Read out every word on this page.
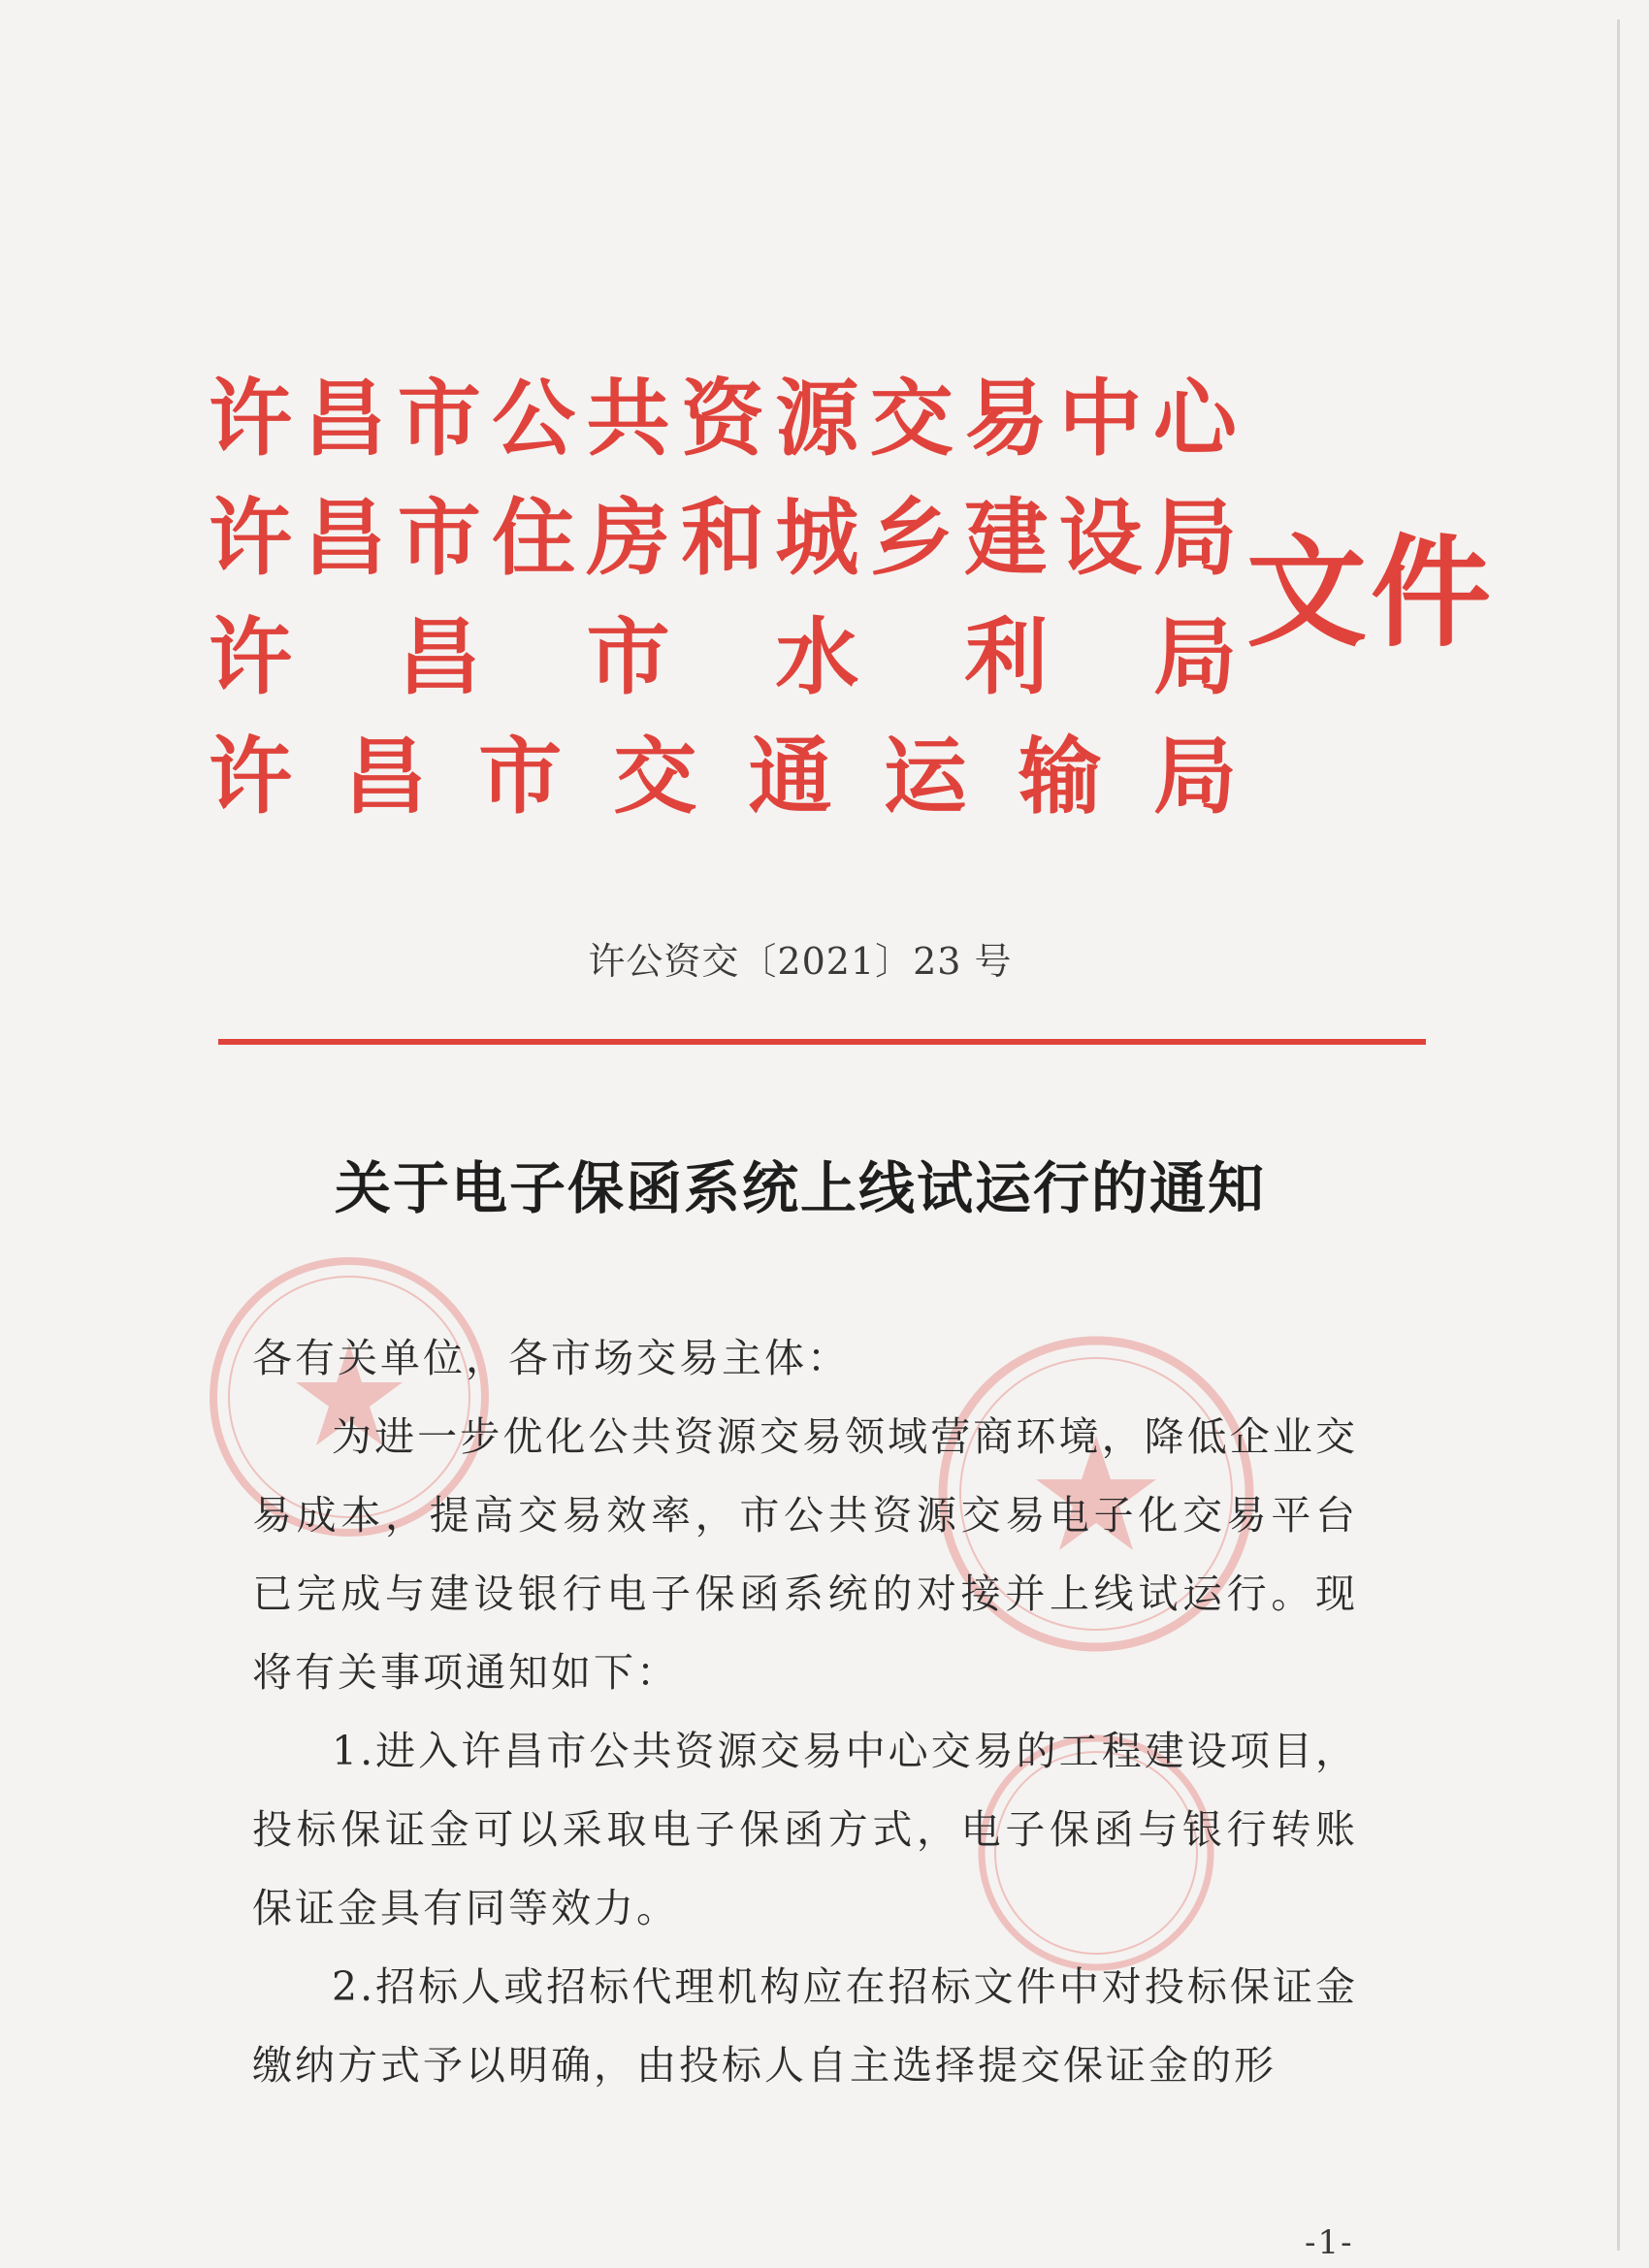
许 昌 市 公 共 资 源 交 易 中 心
许 昌 市 住 房 和 城 乡 建 设 局
许 昌 市 水 利 局
许 昌 市 交 通 运 输 局
文件
许公资交〔2021〕23 号
关于电子保函系统上线试运行的通知

各有关单位，各市场交易主体：

为进一步优化公共资源交易领域营商环境，降低企业交易成本，提高交易效率，市公共资源交易电子化交易平台已完成与建设银行电子保函系统的对接并上线试运行。现将有关事项通知如下：

1.进入许昌市公共资源交易中心交易的工程建设项目，投标保证金可以采取电子保函方式，电子保函与银行转账保证金具有同等效力。

2.招标人或招标代理机构应在招标文件中对投标保证金缴纳方式予以明确，由投标人自主选择提交保证金的形

-1-
